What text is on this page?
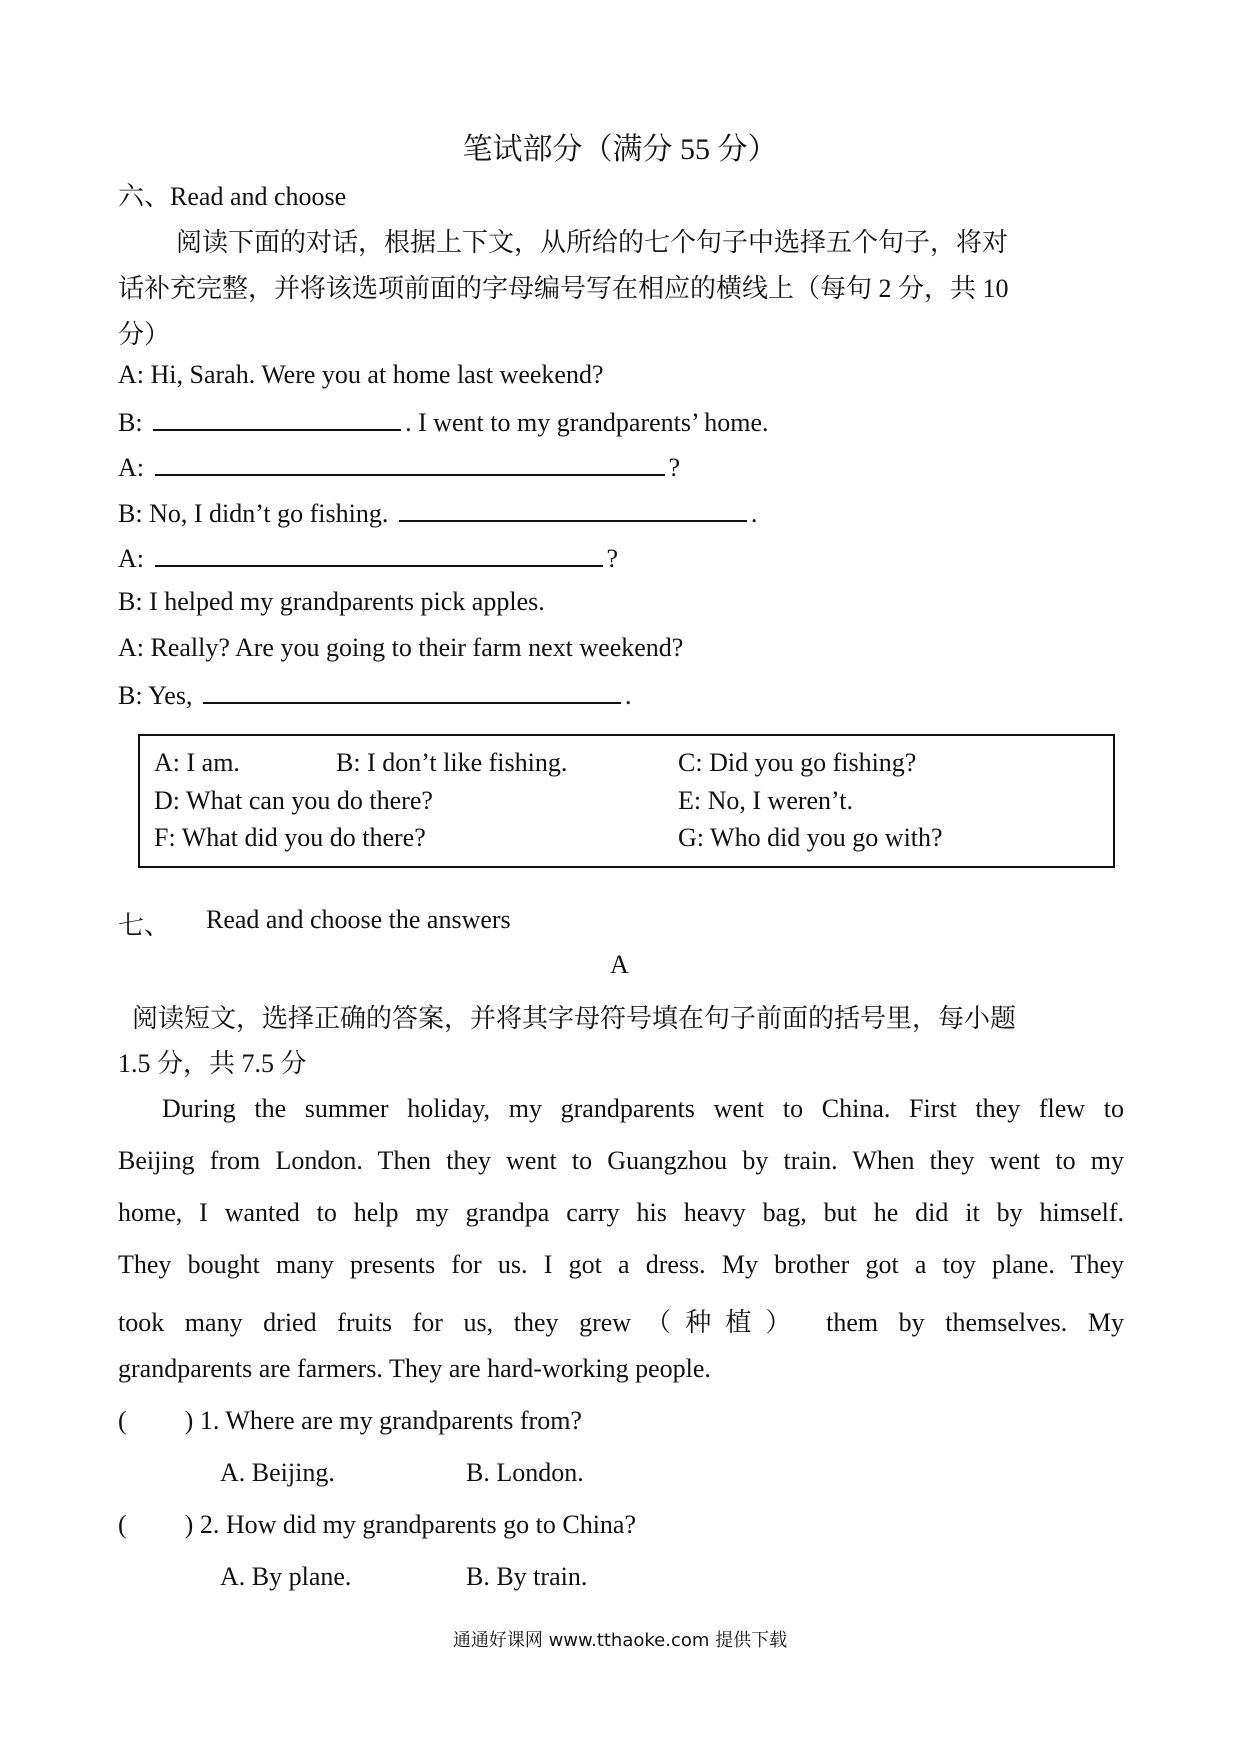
笔试部分（满分 55 分）
六、Read and choose
阅读下面的对话，根据上下文，从所给的七个句子中选择五个句子，将对
话补充完整，并将该选项前面的字母编号写在相应的横线上（每句 2 分，共 10
分）
A: Hi, Sarah. Were you at home last weekend?
B:	. I went to my grandparents’ home.
A:	?
B: No, I didn’t go fishing.	.
A:	?
B: I helped my grandparents pick apples.
A: Really? Are you going to their farm next weekend?
B: Yes,	.
A: I am.	B: I don’t like fishing.	C: Did you go fishing?
D: What can you do there?	E: No, I weren’t.
F: What did you do there?	G: Who did you go with?
七、 Read and choose the answers
A
阅读短文，选择正确的答案，并将其字母符号填在句子前面的括号里，每小题
1.5 分，共 7.5 分
During the summer holiday, my grandparents went to China. First they flew to
Beijing from London. Then they went to Guangzhou by train. When they went to my
home, I wanted to help my grandpa carry his heavy bag, but he did it by himself.
They bought many presents for us. I got a dress. My brother got a toy plane. They
took many dried fruits for us, they grew（种植） them by themselves. My
grandparents are farmers. They are hard-working people.
( ) 1. Where are my grandparents from?
A. Beijing.	B. London.
( ) 2. How did my grandparents go to China?
A. By plane.	B. By train.
通通好课网 www.tthaoke.com 提供下载
